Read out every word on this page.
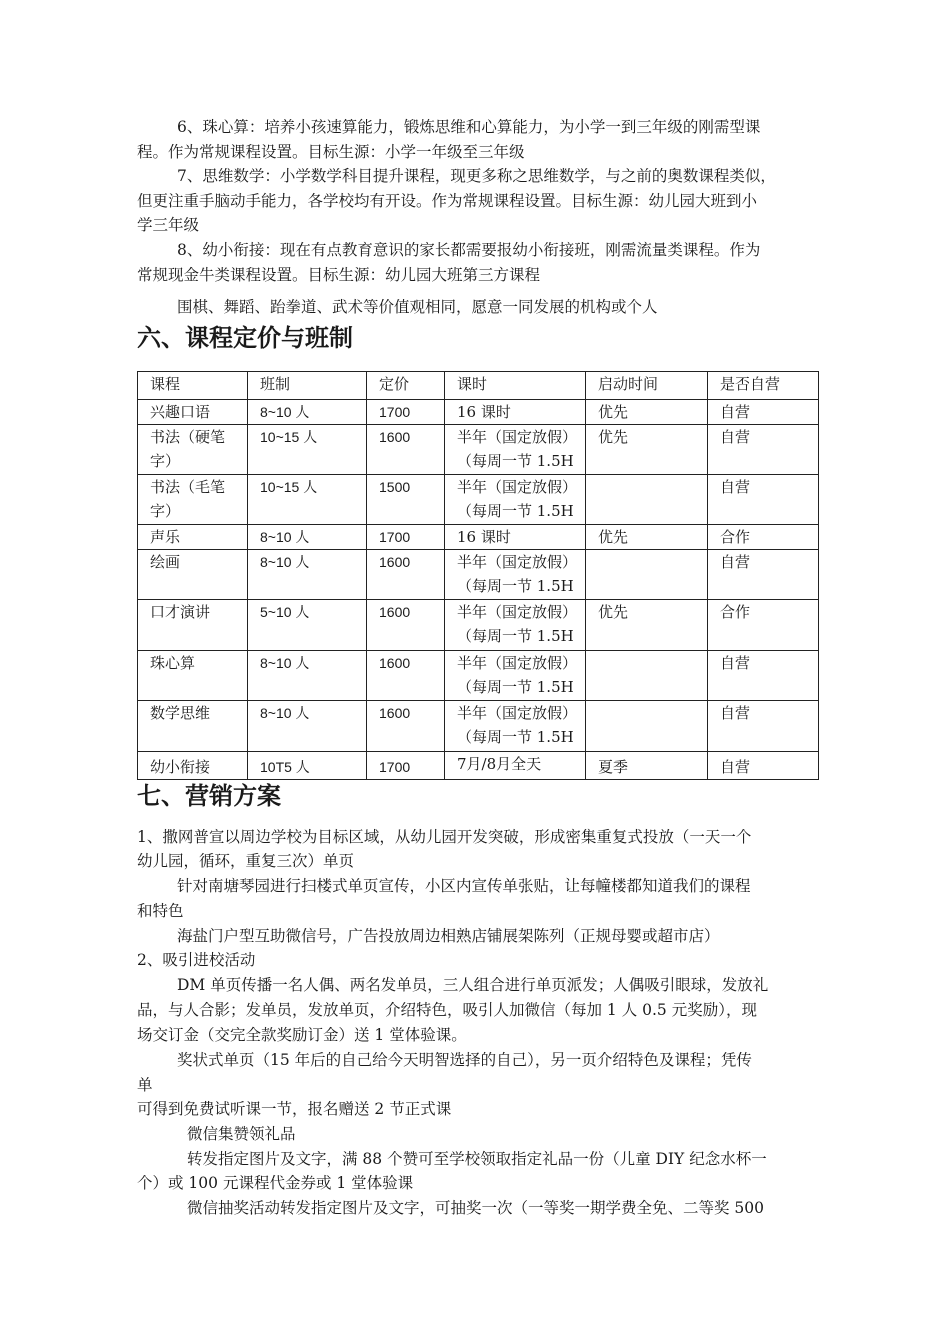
6、珠心算：培养小孩速算能力，锻炼思维和心算能力，为小学一到三年级的刚需型课

程。作为常规课程设置。目标生源：小学一年级至三年级

7、思维数学：小学数学科目提升课程，现更多称之思维数学，与之前的奥数课程类似，

但更注重手脑动手能力，各学校均有开设。作为常规课程设置。目标生源：幼儿园大班到小

学三年级

8、幼小衔接：现在有点教育意识的家长都需要报幼小衔接班，刚需流量类课程。作为

常规现金牛类课程设置。目标生源：幼儿园大班第三方课程

围棋、舞蹈、跆拳道、武术等价值观相同，愿意一同发展的机构或个人

六、课程定价与班制
课程	班制	定价	课时	启动时间	是否自营
兴趣口语	8~10 人	1700	16 课时	优先	自营
书法（硬笔字）	10~15 人	1600	半年（国定放假）（每周一节 1.5H	优先	自营
书法（毛笔字）	10~15 人	1500	半年（国定放假）（每周一节 1.5H		自营
声乐	8~10 人	1700	16 课时	优先	合作
绘画	8~10 人	1600	半年（国定放假）（每周一节 1.5H		自营
口才演讲	5~10 人	1600	半年（国定放假）（每周一节 1.5H	优先	合作
珠心算	8~10 人	1600	半年（国定放假）（每周一节 1.5H		自营
数学思维	8~10 人	1600	半年（国定放假）（每周一节 1.5H		自营
幼小衔接	10T5 人	1700	7月/8月全天	夏季	自营
七、营销方案

1、撒网普宣以周边学校为目标区域，从幼儿园开发突破，形成密集重复式投放（一天一个

幼儿园，循环，重复三次）单页

针对南塘琴园进行扫楼式单页宣传，小区内宣传单张贴，让每幢楼都知道我们的课程

和特色

海盐门户型互助微信号，广告投放周边相熟店铺展架陈列（正规母婴或超市店）

2、吸引进校活动

DM 单页传播一名人偶、两名发单员，三人组合进行单页派发；人偶吸引眼球，发放礼

品，与人合影；发单员，发放单页，介绍特色，吸引人加微信（每加 1 人 0.5 元奖励），现

场交订金（交完全款奖励订金）送 1 堂体验课。

奖状式单页（15 年后的自己给今天明智选择的自己），另一页介绍特色及课程；凭传

单

可得到免费试听课一节，报名赠送 2 节正式课

微信集赞领礼品

转发指定图片及文字，满 88 个赞可至学校领取指定礼品一份（儿童 DIY 纪念水杯一

个）或 100 元课程代金券或 1 堂体验课

微信抽奖活动转发指定图片及文字，可抽奖一次（一等奖一期学费全免、二等奖 500
